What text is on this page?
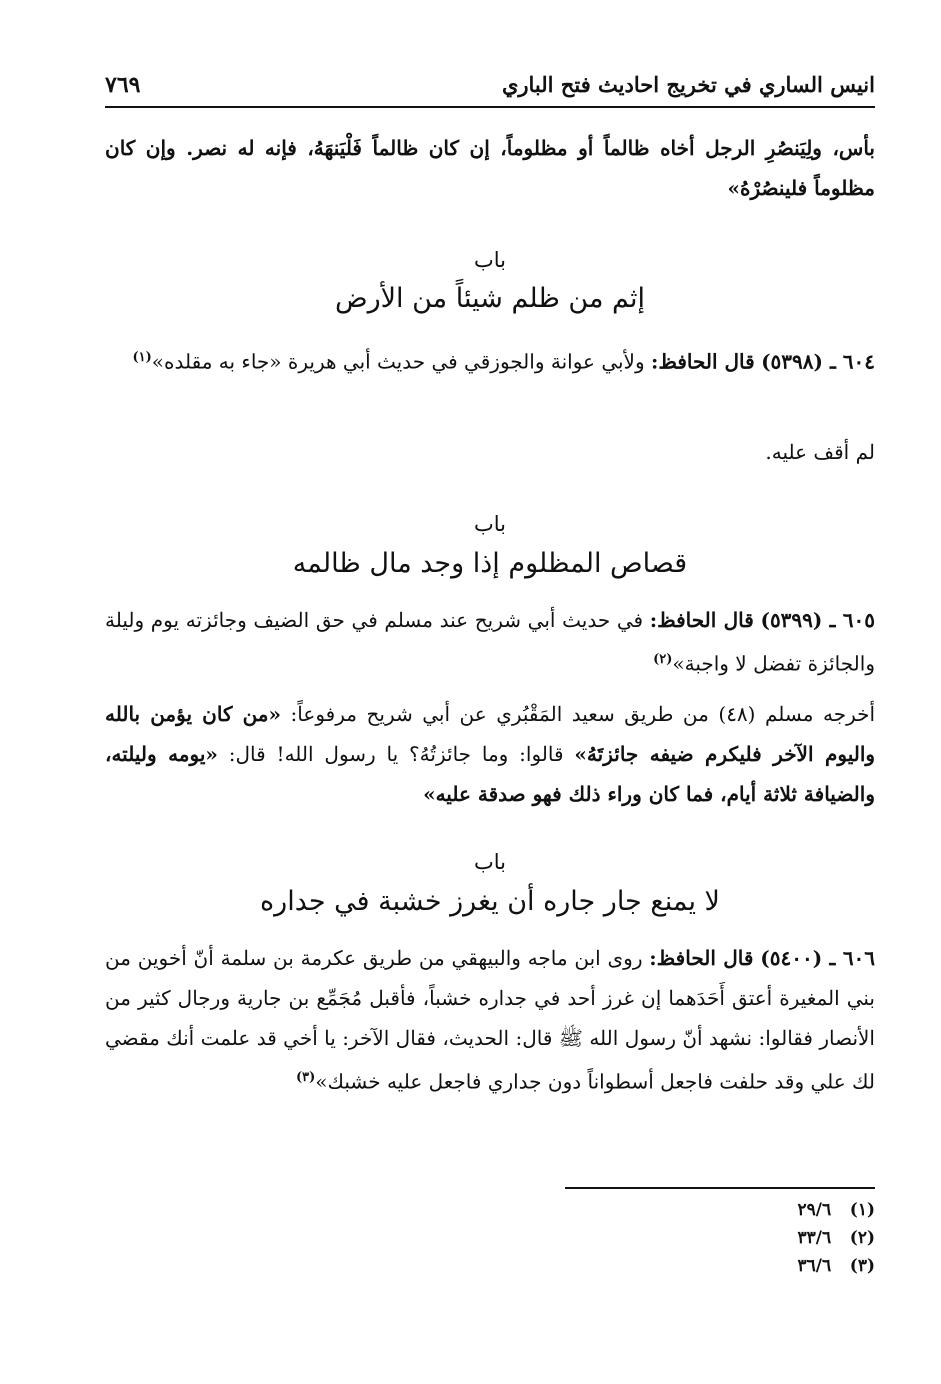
انيس الساري في تخريج احاديث فتح الباري
٧٦٩
بأس، ولِيَنصُرِ الرجل أخاه ظالماً أو مظلوماً، إن كان ظالماً فَلْيَنهَهُ، فإنه له نصر. وإن كان مظلوماً فلينصُرْهُ»
باب
إثم من ظلم شيئاً من الأرض
٦٠٤ ـ (٥٣٩٨) قال الحافظ: ولأبي عوانة والجوزقي في حديث أبي هريرة «جاء به مقلده»$^{(١)}$
لم أقف عليه.
باب
قصاص المظلوم إذا وجد مال ظالمه
٦٠٥ ـ (٥٣٩٩) قال الحافظ: في حديث أبي شريح عند مسلم في حق الضيف وجائزته يوم وليلة والجائزة تفضل لا واجبة»$^{(٢)}$
أخرجه مسلم (٤٨) من طريق سعيد المَقْبُري عن أبي شريح مرفوعاً: «من كان يؤمن بالله واليوم الآخر فليكرم ضيفه جائزتَهُ» قالوا: وما جائزتُهُ؟ يا رسول الله! قال: «يومه وليلته، والضيافة ثلاثة أيام، فما كان وراء ذلك فهو صدقة عليه»
باب
لا يمنع جار جاره أن يغرز خشبة في جداره
٦٠٦ ـ (٥٤٠٠) قال الحافظ: روى ابن ماجه والبيهقي من طريق عكرمة بن سلمة أنّ أخوين من بني المغيرة أعتق أَحَدَهما إن غرز أحد في جداره خشباً، فأقبل مُجَمِّع بن جارية ورجال كثير من الأنصار فقالوا: نشهد أنّ رسول الله ﷺ قال: الحديث، فقال الآخر: يا أخي قد علمت أنك مقضي لك علي وقد حلفت فاجعل أسطواناً دون جداري فاجعل عليه خشبك»$^{(٣)}$
(١) ٢٩/٦
(٢) ٣٣/٦
(٣) ٣٦/٦
